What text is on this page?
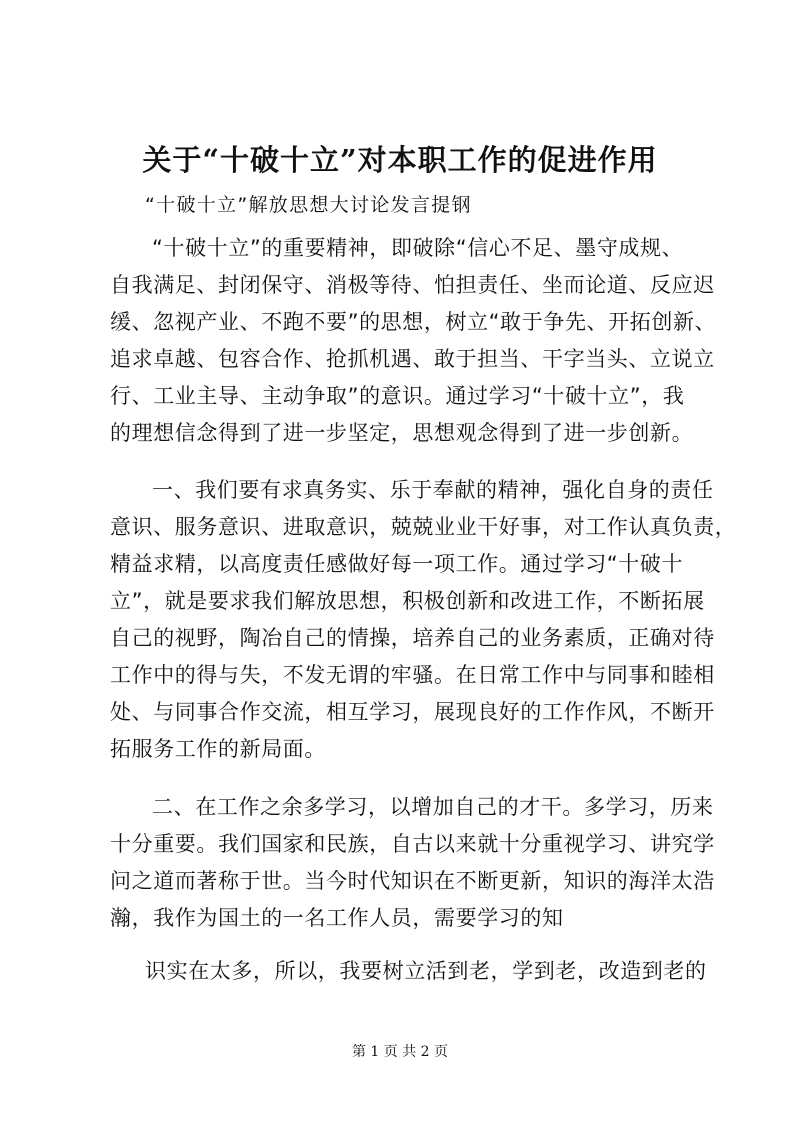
关于“十破十立”对本职工作的促进作用
“十破十立”解放思想大讨论发言提钢
“十破十立”的重要精神，即破除“信心不足、墨守成规、
自我满足、封闭保守、消极等待、怕担责任、坐而论道、反应迟
缓、忽视产业、不跑不要”的思想，树立“敢于争先、开拓创新、
追求卓越、包容合作、抢抓机遇、敢于担当、干字当头、立说立
行、工业主导、主动争取”的意识。通过学习“十破十立”，我
的理想信念得到了进一步坚定，思想观念得到了进一步创新。
一、我们要有求真务实、乐于奉献的精神，强化自身的责任
意识、服务意识、进取意识，兢兢业业干好事，对工作认真负责，
精益求精，以高度责任感做好每一项工作。通过学习“十破十
立”，就是要求我们解放思想，积极创新和改进工作，不断拓展
自己的视野，陶冶自己的情操，培养自己的业务素质，正确对待
工作中的得与失，不发无谓的牢骚。在日常工作中与同事和睦相
处、与同事合作交流，相互学习，展现良好的工作作风，不断开
拓服务工作的新局面。
二、在工作之余多学习，以增加自己的才干。多学习，历来
十分重要。我们国家和民族，自古以来就十分重视学习、讲究学
问之道而著称于世。当今时代知识在不断更新，知识的海洋太浩
瀚，我作为国土的一名工作人员，需要学习的知
识实在太多，所以，我要树立活到老，学到老，改造到老的
第 1 页 共 2 页
